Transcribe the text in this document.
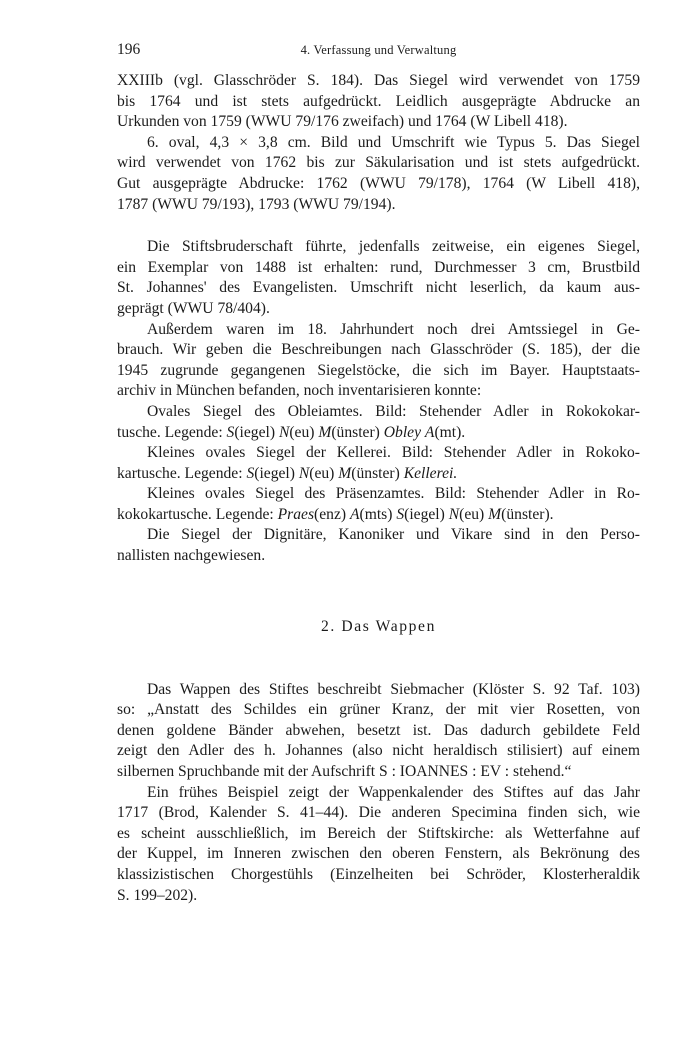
196	4. Verfassung und Verwaltung

XXIIIb (vgl. Glasschröder S. 184). Das Siegel wird verwendet von 1759
bis 1764 und ist stets aufgedrückt. Leidlich ausgeprägte Abdrucke an
Urkunden von 1759 (WWU 79/176 zweifach) und 1764 (W Libell 418).

6. oval, 4,3 × 3,8 cm. Bild und Umschrift wie Typus 5. Das Siegel
wird verwendet von 1762 bis zur Säkularisation und ist stets aufgedrückt.
Gut ausgeprägte Abdrucke: 1762 (WWU 79/178), 1764 (W Libell 418),
1787 (WWU 79/193), 1793 (WWU 79/194).

Die Stiftsbruderschaft führte, jedenfalls zeitweise, ein eigenes Siegel,
ein Exemplar von 1488 ist erhalten: rund, Durchmesser 3 cm, Brustbild
St. Johannes' des Evangelisten. Umschrift nicht leserlich, da kaum aus-
geprägt (WWU 78/404).

Außerdem waren im 18. Jahrhundert noch drei Amtssiegel in Ge-
brauch. Wir geben die Beschreibungen nach Glasschröder (S. 185), der die
1945 zugrunde gegangenen Siegelstöcke, die sich im Bayer. Hauptstaats-
archiv in München befanden, noch inventarisieren konnte:

Ovales Siegel des Obleiamtes. Bild: Stehender Adler in Rokokokar-
tusche. Legende: S(iegel) N(eu) M(ünster) Obley A(mt).

Kleines ovales Siegel der Kellerei. Bild: Stehender Adler in Rokoko-
kartusche. Legende: S(iegel) N(eu) M(ünster) Kellerei.

Kleines ovales Siegel des Präsenzamtes. Bild: Stehender Adler in Ro-
kokokartusche. Legende: Praes(enz) A(mts) S(iegel) N(eu) M(ünster).

Die Siegel der Dignitäre, Kanoniker und Vikare sind in den Perso-
nallisten nachgewiesen.

2. Das Wappen

Das Wappen des Stiftes beschreibt Siebmacher (Klöster S. 92 Taf. 103)
so: „Anstatt des Schildes ein grüner Kranz, der mit vier Rosetten, von
denen goldene Bänder abwehen, besetzt ist. Das dadurch gebildete Feld
zeigt den Adler des h. Johannes (also nicht heraldisch stilisiert) auf einem
silbernen Spruchbande mit der Aufschrift S : IOANNES : EV : stehend.“

Ein frühes Beispiel zeigt der Wappenkalender des Stiftes auf das Jahr
1717 (Brod, Kalender S. 41–44). Die anderen Specimina finden sich, wie
es scheint ausschließlich, im Bereich der Stiftskirche: als Wetterfahne auf
der Kuppel, im Inneren zwischen den oberen Fenstern, als Bekrönung des
klassizistischen Chorgestühls (Einzelheiten bei Schröder, Klosterheraldik
S. 199–202).
